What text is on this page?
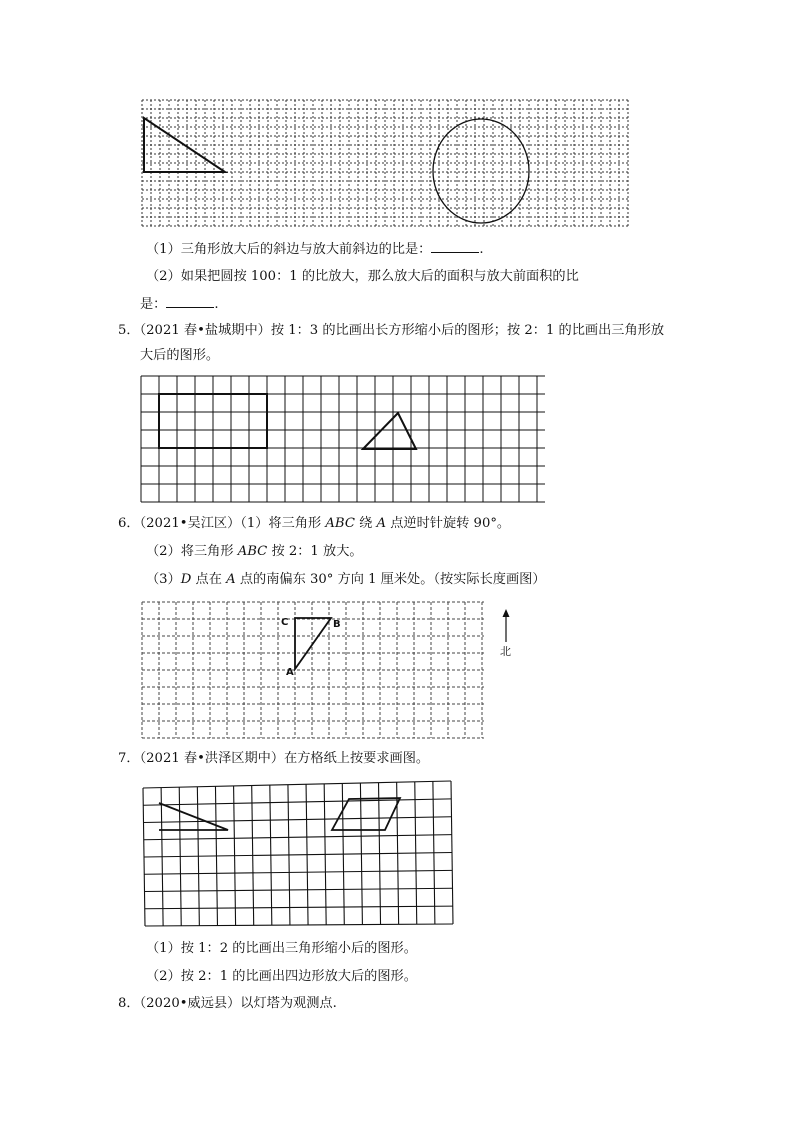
（1）三角形放大后的斜边与放大前斜边的比是：	.
（2）如果把圆按 100：1 的比放大，那么放大后的面积与放大前面积的比
是：	.
5．（2021 春•盐城期中）按 1：3 的比画出长方形缩小后的图形；按 2：1 的比画出三角形放
大后的图形。
6．（2021•吴江区）（1）将三角形 ABC 绕 A 点逆时针旋转 90°。
（2）将三角形 ABC 按 2：1 放大。
（3）D 点在 A 点的南偏东 30° 方向 1 厘米处。（按实际长度画图）
C	B
A
北
7．（2021 春•洪泽区期中）在方格纸上按要求画图。
（1）按 1：2 的比画出三角形缩小后的图形。
（2）按 2：1 的比画出四边形放大后的图形。
8．（2020•威远县）以灯塔为观测点.
